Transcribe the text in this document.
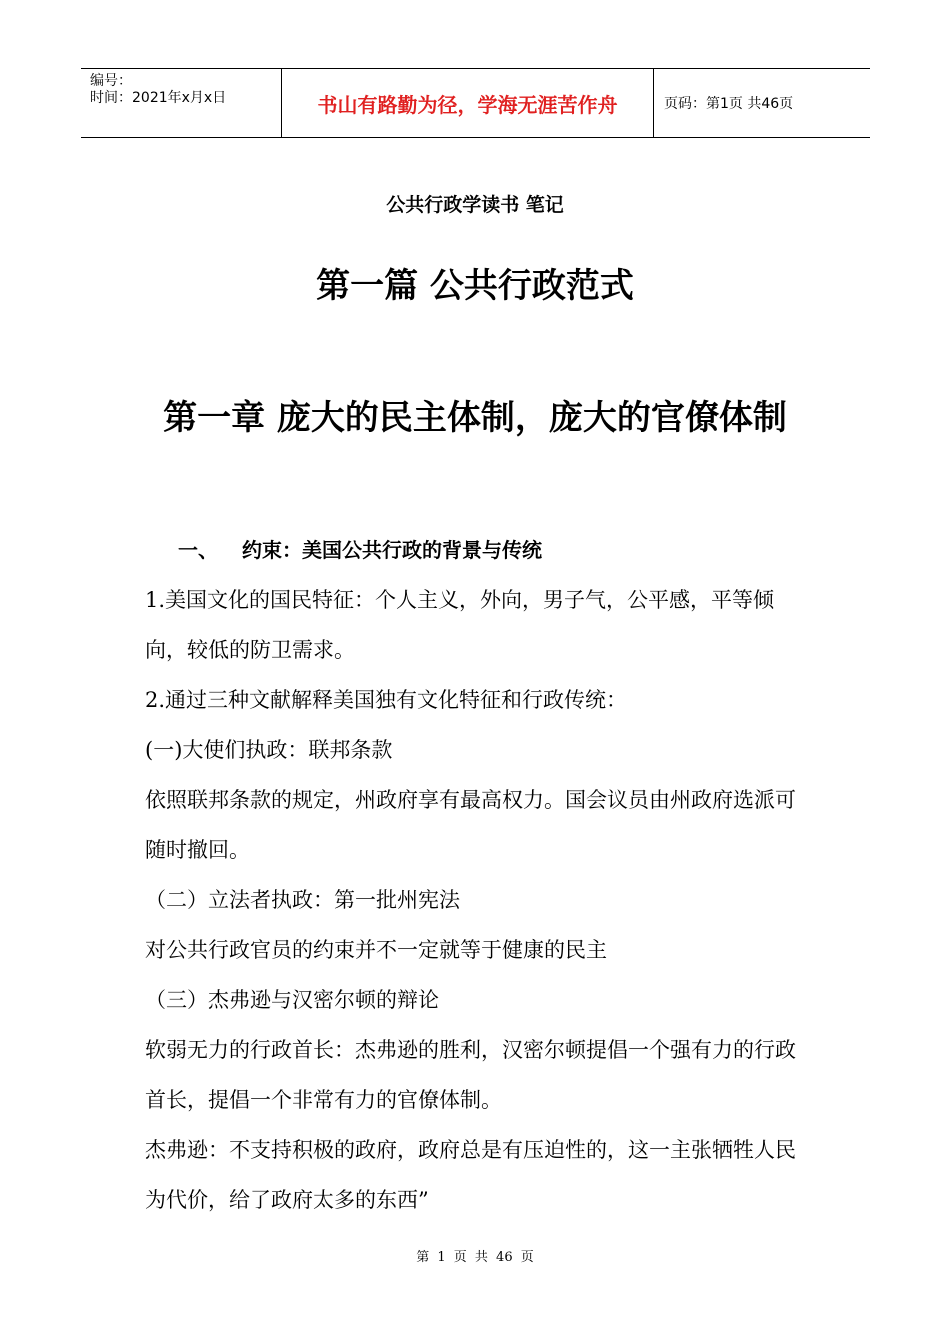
编号：
时间：2021年x月x日	书山有路勤为径，学海无涯苦作舟	页码：第1页 共46页
公共行政学读书 笔记
第一篇 公共行政范式
第一章 庞大的民主体制，庞大的官僚体制
一、 约束：美国公共行政的背景与传统

1.美国文化的国民特征：个人主义，外向，男子气，公平感，平等倾向，较低的防卫需求。

2.通过三种文献解释美国独有文化特征和行政传统：

(一)大使们执政：联邦条款

依照联邦条款的规定，州政府享有最高权力。国会议员由州政府选派可随时撤回。

（二）立法者执政：第一批州宪法

对公共行政官员的约束并不一定就等于健康的民主

（三）杰弗逊与汉密尔顿的辩论

软弱无力的行政首长：杰弗逊的胜利，汉密尔顿提倡一个强有力的行政首长，提倡一个非常有力的官僚体制。

杰弗逊：不支持积极的政府，政府总是有压迫性的，这一主张牺牲人民为代价，给了政府太多的东西”

第 1 页 共 46 页
